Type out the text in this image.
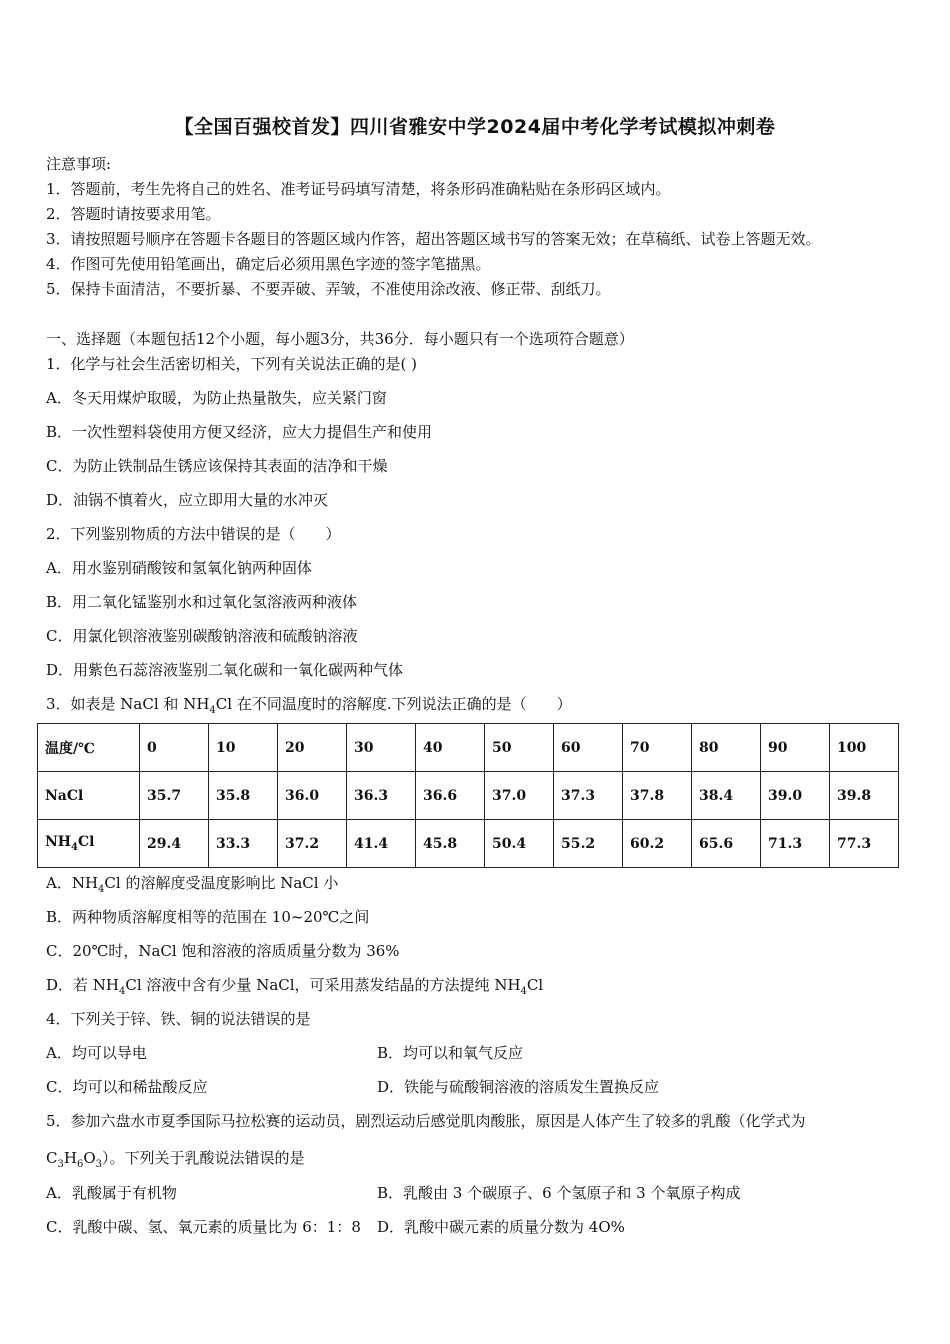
【全国百强校首发】四川省雅安中学2024届中考化学考试模拟冲刺卷
注意事项:
1．答题前，考生先将自己的姓名、准考证号码填写清楚，将条形码准确粘贴在条形码区域内。
2．答题时请按要求用笔。
3．请按照题号顺序在答题卡各题目的答题区域内作答，超出答题区域书写的答案无效；在草稿纸、试卷上答题无效。
4．作图可先使用铅笔画出，确定后必须用黑色字迹的签字笔描黑。
5．保持卡面清洁，不要折暴、不要弄破、弄皱，不准使用涂改液、修正带、刮纸刀。
一、选择题（本题包括12个小题，每小题3分，共36分．每小题只有一个选项符合题意）
1．化学与社会生活密切相关，下列有关说法正确的是( )
A．冬天用煤炉取暖，为防止热量散失，应关紧门窗
B．一次性塑料袋使用方便又经济，应大力提倡生产和使用
C．为防止铁制品生锈应该保持其表面的洁净和干燥
D．油锅不慎着火，应立即用大量的水冲灭
2．下列鉴别物质的方法中错误的是（　　）
A．用水鉴别硝酸铵和氢氧化钠两种固体
B．用二氧化锰鉴别水和过氧化氢溶液两种液体
C．用氯化钡溶液鉴别碳酸钠溶液和硫酸钠溶液
D．用紫色石蕊溶液鉴别二氧化碳和一氧化碳两种气体
3．如表是 NaCl 和 $NH_4Cl$ 在不同温度时的溶解度.下列说法正确的是（　　）
温度/℃	0	10	20	30	40	50	60	70	80	90	100
NaCl	35.7	35.8	36.0	36.3	36.6	37.0	37.3	37.8	38.4	39.0	39.8
$NH_4Cl$	29.4	33.3	37.2	41.4	45.8	50.4	55.2	60.2	65.6	71.3	77.3
A．$NH_4Cl$ 的溶解度受温度影响比 NaCl 小
B．两种物质溶解度相等的范围在 10~20℃之间
C．20℃时，NaCl 饱和溶液的溶质质量分数为 36%
D．若 $NH_4Cl$ 溶液中含有少量 NaCl，可采用蒸发结晶的方法提纯 $NH_4Cl$
4．下列关于锌、铁、铜的说法错误的是
A．均可以导电	B．均可以和氧气反应
C．均可以和稀盐酸反应	D．铁能与硫酸铜溶液的溶质发生置换反应
5．参加六盘水市夏季国际马拉松赛的运动员，剧烈运动后感觉肌肉酸胀，原因是人体产生了较多的乳酸（化学式为
$C_3H_6O_3$）。下列关于乳酸说法错误的是
A．乳酸属于有机物	B．乳酸由 3 个碳原子、6 个氢原子和 3 个氧原子构成
C．乳酸中碳、氢、氧元素的质量比为 6：1：8 D．乳酸中碳元素的质量分数为 4O%
